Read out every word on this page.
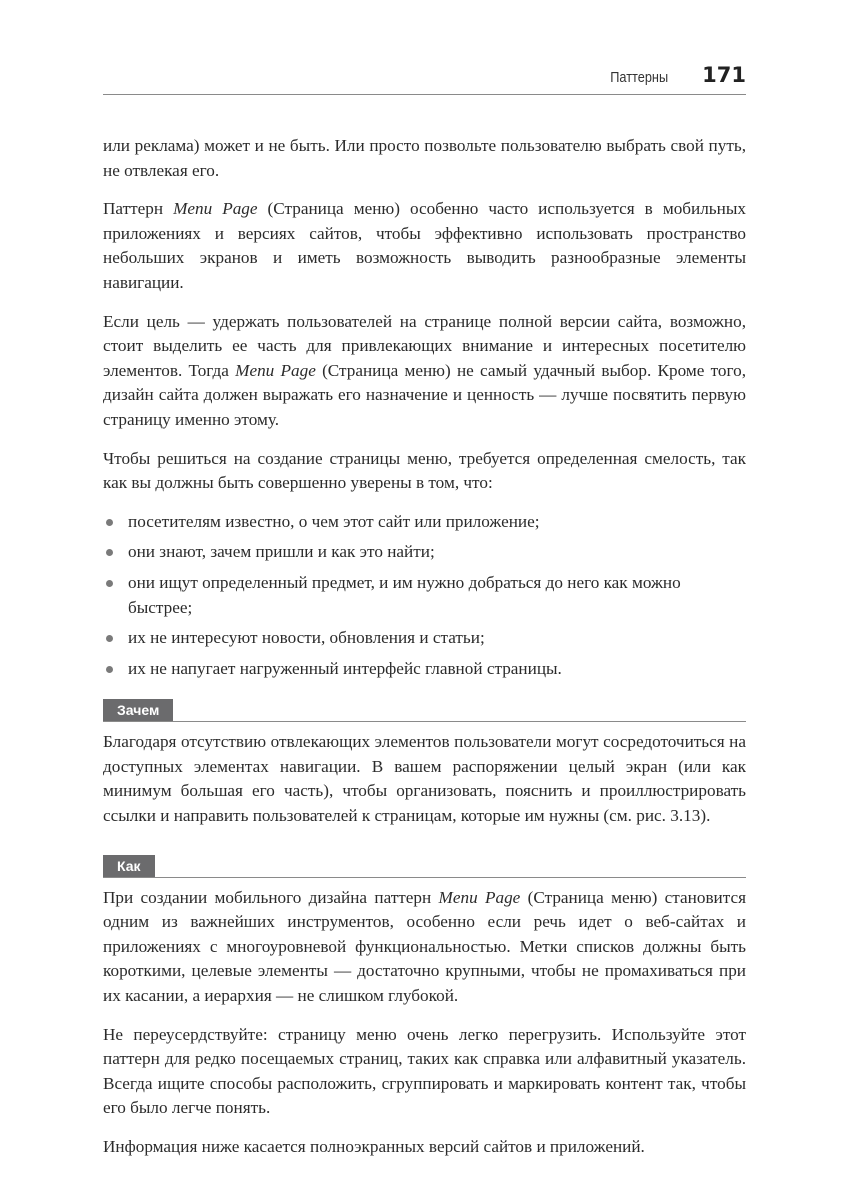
Паттерны 171

или реклама) может и не быть. Или просто позвольте пользователю выбрать свой путь, не отвлекая его.

Паттерн Menu Page (Страница меню) особенно часто используется в мобильных приложениях и версиях сайтов, чтобы эффективно использовать пространство небольших экранов и иметь возможность выводить разнообразные элементы навигации.

Если цель — удержать пользователей на странице полной версии сайта, возможно, стоит выделить ее часть для привлекающих внимание и интересных посетителю элементов. Тогда Menu Page (Страница меню) не самый удачный выбор. Кроме того, дизайн сайта должен выражать его назначение и ценность — лучше посвятить первую страницу именно этому.

Чтобы решиться на создание страницы меню, требуется определенная смелость, так как вы должны быть совершенно уверены в том, что:

посетителям известно, о чем этот сайт или приложение;
они знают, зачем пришли и как это найти;
они ищут определенный предмет, и им нужно добраться до него как можно быстрее;
их не интересуют новости, обновления и статьи;
их не напугает нагруженный интерфейс главной страницы.
Зачем

Благодаря отсутствию отвлекающих элементов пользователи могут сосредоточиться на доступных элементах навигации. В вашем распоряжении целый экран (или как минимум большая его часть), чтобы организовать, пояснить и проиллюстрировать ссылки и направить пользователей к страницам, которые им нужны (см. рис. 3.13).

Как

При создании мобильного дизайна паттерн Menu Page (Страница меню) становится одним из важнейших инструментов, особенно если речь идет о веб-сайтах и приложениях с многоуровневой функциональностью. Метки списков должны быть короткими, целевые элементы — достаточно крупными, чтобы не промахиваться при их касании, а иерархия — не слишком глубокой.

Не переусердствуйте: страницу меню очень легко перегрузить. Используйте этот паттерн для редко посещаемых страниц, таких как справка или алфавитный указатель. Всегда ищите способы расположить, сгруппировать и маркировать контент так, чтобы его было легче понять.

Информация ниже касается полноэкранных версий сайтов и приложений.
